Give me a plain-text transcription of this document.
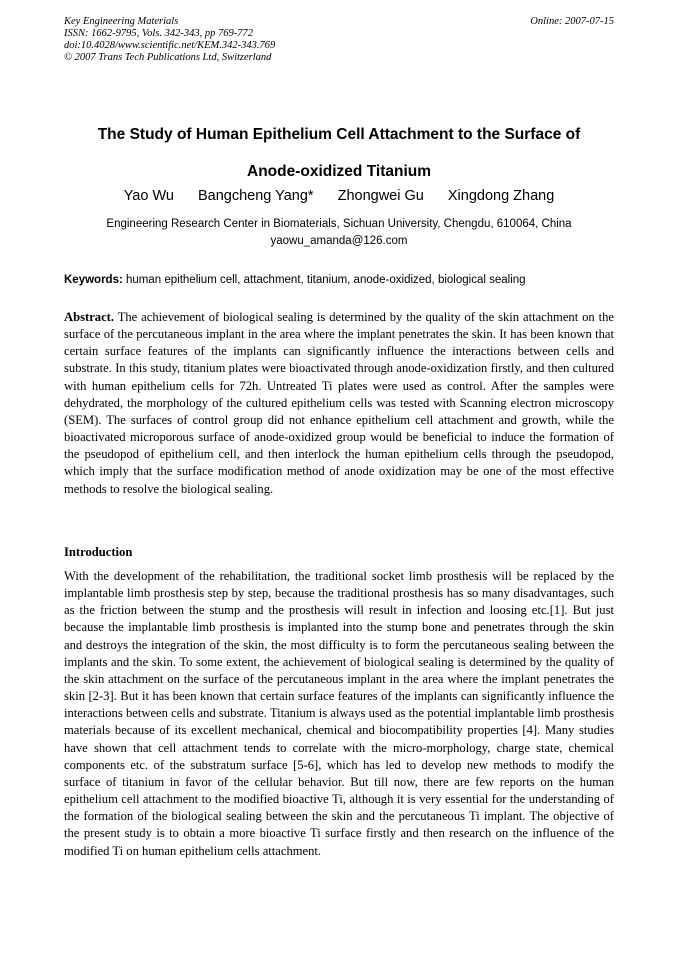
Key Engineering Materials
ISSN: 1662-9795, Vols. 342-343, pp 769-772
doi:10.4028/www.scientific.net/KEM.342-343.769
© 2007 Trans Tech Publications Ltd, Switzerland
Online: 2007-07-15
The Study of Human Epithelium Cell Attachment to the Surface of
Anode-oxidized Titanium
Yao Wu Bangcheng Yang* Zhongwei Gu Xingdong Zhang
Engineering Research Center in Biomaterials, Sichuan University, Chengdu, 610064, China
yaowu_amanda@126.com
Keywords: human epithelium cell, attachment, titanium, anode-oxidized, biological sealing
Abstract. The achievement of biological sealing is determined by the quality of the skin attachment on the surface of the percutaneous implant in the area where the implant penetrates the skin. It has been known that certain surface features of the implants can significantly influence the interactions between cells and substrate. In this study, titanium plates were bioactivated through anode-oxidization firstly, and then cultured with human epithelium cells for 72h. Untreated Ti plates were used as control. After the samples were dehydrated, the morphology of the cultured epithelium cells was tested with Scanning electron microscopy (SEM). The surfaces of control group did not enhance epithelium cell attachment and growth, while the bioactivated microporous surface of anode-oxidized group would be beneficial to induce the formation of the pseudopod of epithelium cell, and then interlock the human epithelium cells through the pseudopod, which imply that the surface modification method of anode oxidization may be one of the most effective methods to resolve the biological sealing.
Introduction
With the development of the rehabilitation, the traditional socket limb prosthesis will be replaced by the implantable limb prosthesis step by step, because the traditional prosthesis has so many disadvantages, such as the friction between the stump and the prosthesis will result in infection and loosing etc.[1]. But just because the implantable limb prosthesis is implanted into the stump bone and penetrates through the skin and destroys the integration of the skin, the most difficulty is to form the percutaneous sealing between the implants and the skin. To some extent, the achievement of biological sealing is determined by the quality of the skin attachment on the surface of the percutaneous implant in the area where the implant penetrates the skin [2-3]. But it has been known that certain surface features of the implants can significantly influence the interactions between cells and substrate. Titanium is always used as the potential implantable limb prosthesis materials because of its excellent mechanical, chemical and biocompatibility properties [4]. Many studies have shown that cell attachment tends to correlate with the micro-morphology, charge state, chemical components etc. of the substratum surface [5-6], which has led to develop new methods to modify the surface of titanium in favor of the cellular behavior. But till now, there are few reports on the human epithelium cell attachment to the modified bioactive Ti, although it is very essential for the understanding of the formation of the biological sealing between the skin and the percutaneous Ti implant. The objective of the present study is to obtain a more bioactive Ti surface firstly and then research on the influence of the modified Ti on human epithelium cells attachment.
